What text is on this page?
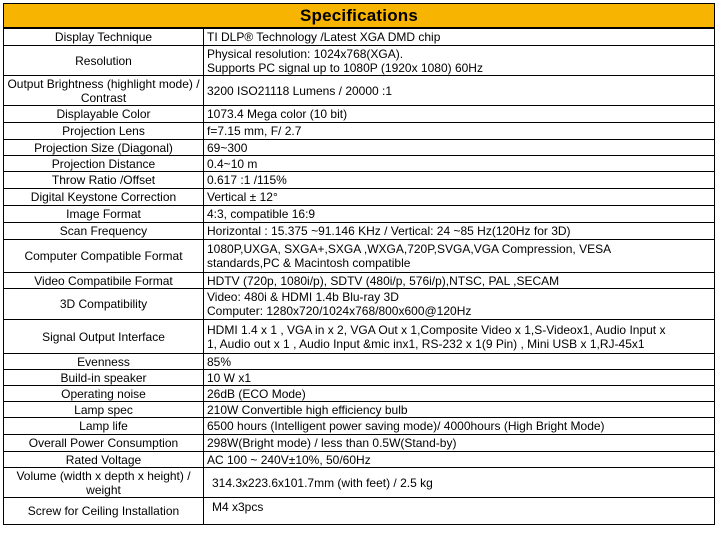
Specifications
Display Technique	TI DLP® Technology /Latest XGA DMD chip

Resolution	Physical resolution: 1024x768(XGA).
Supports PC signal up to 1080P (1920x 1080) 60Hz

Output Brightness (highlight mode) / Contrast	3200 ISO21118 Lumens / 20000 :1

Displayable Color	1073.4 Mega color (10 bit)

Projection Lens	f=7.15 mm, F/ 2.7

Projection Size (Diagonal)	69~300

Projection Distance	0.4~10 m

Throw Ratio /Offset	0.617 :1 /115%

Digital Keystone Correction	Vertical ± 12°

Image Format	4:3, compatible 16:9

Scan Frequency	Horizontal : 15.375 ~91.146 KHz / Vertical: 24 ~85 Hz(120Hz for 3D)

Computer Compatible Format	1080P,UXGA, SXGA+,SXGA ,WXGA,720P,SVGA,VGA Compression, VESA
standards,PC & Macintosh compatible

Video Compatibile Format	HDTV (720p, 1080i/p), SDTV (480i/p, 576i/p),NTSC, PAL ,SECAM

3D Compatibility	Video: 480i & HDMI 1.4b Blu-ray 3D
Computer: 1280x720/1024x768/800x600@120Hz

Signal Output Interface	HDMI 1.4 x 1 , VGA in x 2, VGA Out x 1,Composite Video x 1,S-Videox1, Audio Input x
1, Audio out x 1 , Audio Input &mic inx1, RS-232 x 1(9 Pin) , Mini USB x 1,RJ-45x1

Evenness	85%

Build-in speaker	10 W x1

Operating noise	26dB (ECO Mode)

Lamp spec	210W Convertible high efficiency bulb

Lamp life	6500 hours (Intelligent power saving mode)/ 4000hours (High Bright Mode)

Overall Power Consumption	298W(Bright mode) / less than 0.5W(Stand-by)

Rated Voltage	AC 100 ~ 240V±10%, 50/60Hz

Volume (width x depth x height) / weight	314.3x223.6x101.7mm (with feet) / 2.5 kg

Screw for Ceiling Installation	M4 x3pcs
